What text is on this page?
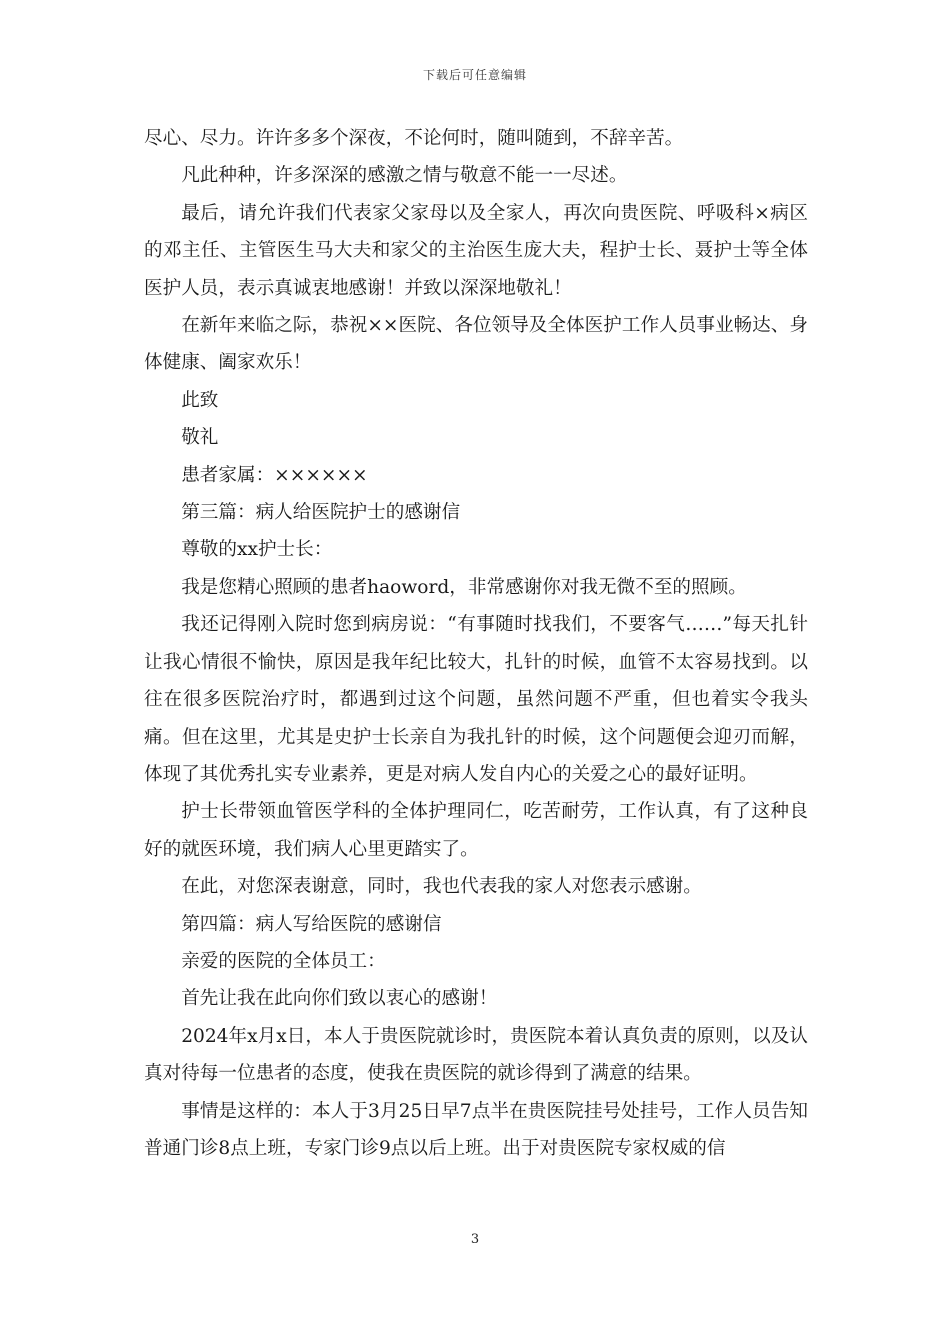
下载后可任意编辑

尽心、尽力。许许多多个深夜，不论何时，随叫随到，不辞辛苦。

凡此种种，许多深深的感激之情与敬意不能一一尽述。

最后，请允许我们代表家父家母以及全家人，再次向贵医院、呼吸科×病区的邓主任、主管医生马大夫和家父的主治医生庞大夫，程护士长、聂护士等全体医护人员，表示真诚衷地感谢！并致以深深地敬礼！

在新年来临之际，恭祝××医院、各位领导及全体医护工作人员事业畅达、身体健康、阖家欢乐！

此致

敬礼

患者家属：××××××

第三篇：病人给医院护士的感谢信

尊敬的xx护士长：

我是您精心照顾的患者haoword，非常感谢你对我无微不至的照顾。

我还记得刚入院时您到病房说：“有事随时找我们，不要客气……”每天扎针让我心情很不愉快，原因是我年纪比较大，扎针的时候，血管不太容易找到。以往在很多医院治疗时，都遇到过这个问题，虽然问题不严重，但也着实令我头痛。但在这里，尤其是史护士长亲自为我扎针的时候，这个问题便会迎刃而解，体现了其优秀扎实专业素养，更是对病人发自内心的关爱之心的最好证明。

护士长带领血管医学科的全体护理同仁，吃苦耐劳，工作认真，有了这种良好的就医环境，我们病人心里更踏实了。

在此，对您深表谢意，同时，我也代表我的家人对您表示感谢。

第四篇：病人写给医院的感谢信

亲爱的医院的全体员工：

首先让我在此向你们致以衷心的感谢！

2024年x月x日，本人于贵医院就诊时，贵医院本着认真负责的原则，以及认真对待每一位患者的态度，使我在贵医院的就诊得到了满意的结果。

事情是这样的：本人于3月25日早7点半在贵医院挂号处挂号，工作人员告知普通门诊8点上班，专家门诊9点以后上班。出于对贵医院专家权威的信

3
